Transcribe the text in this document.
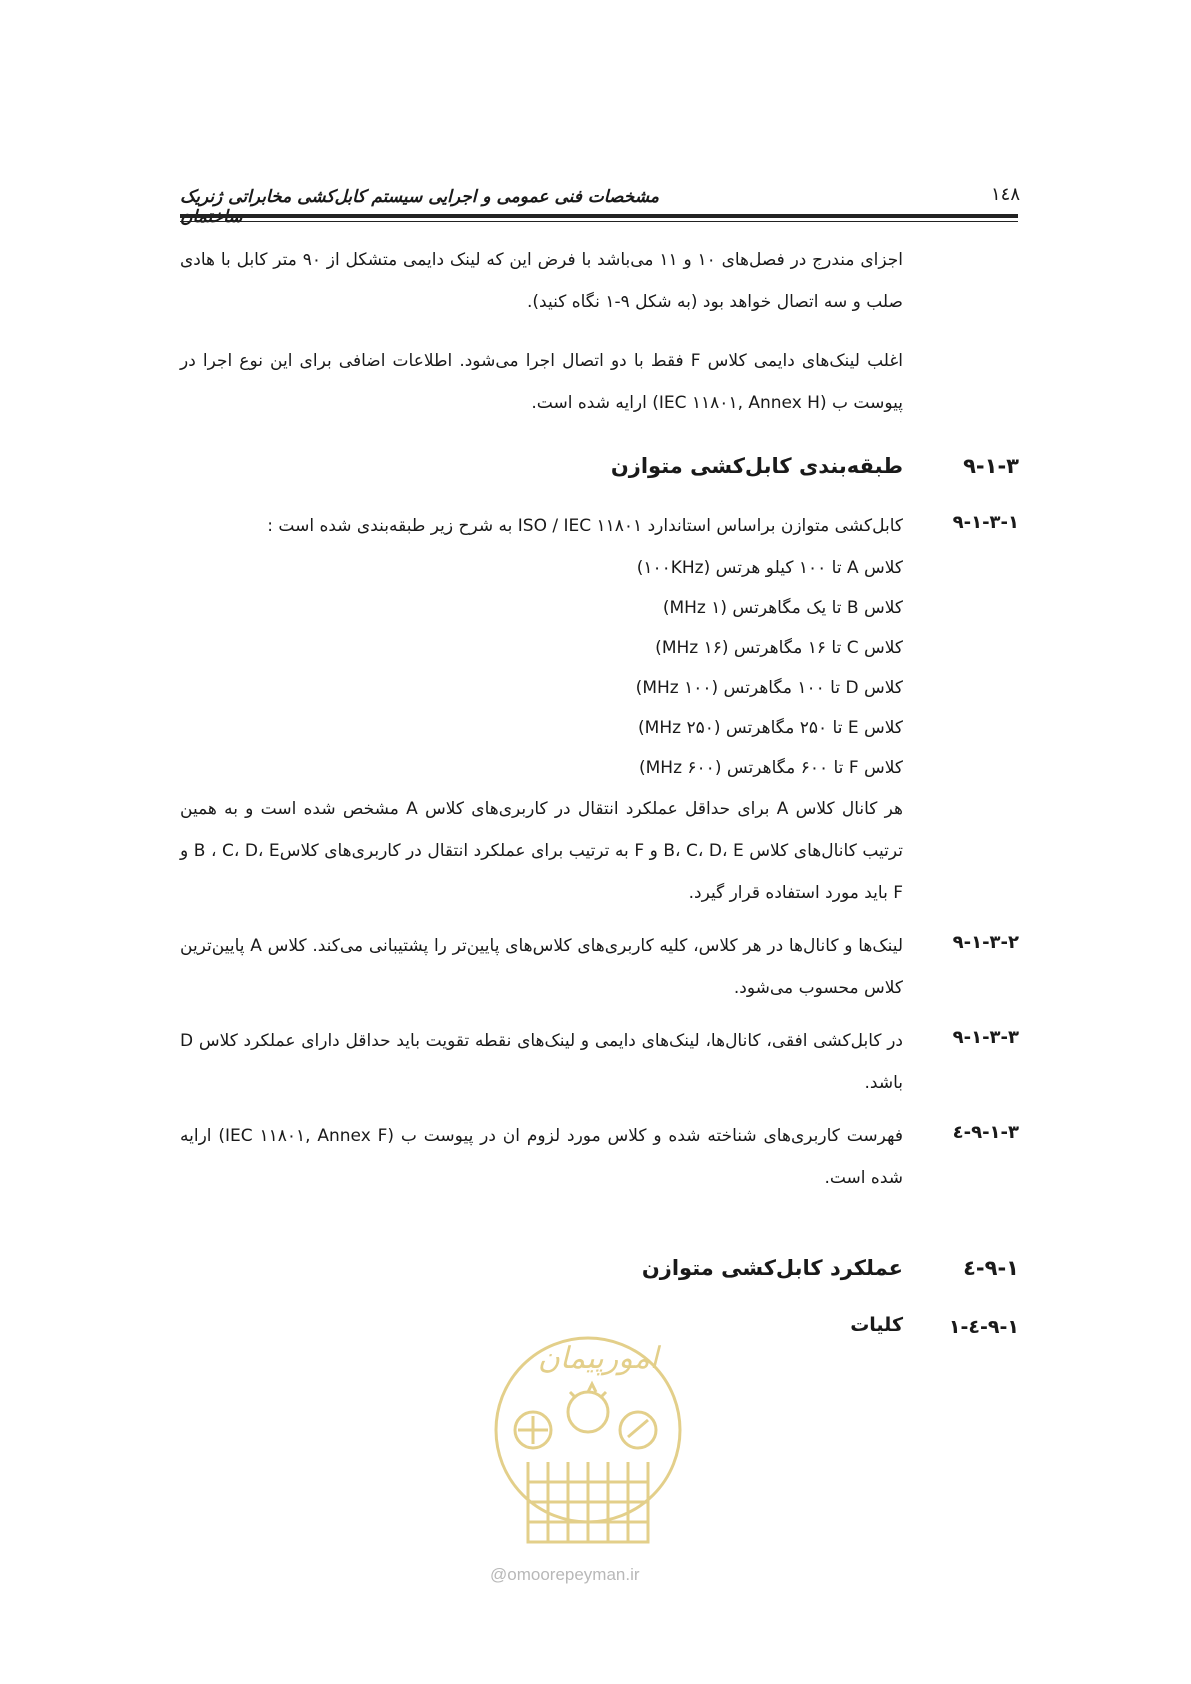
مشخصات فنی عمومی و اجرایی سیستم کابل‌کشی مخابراتی ژنریک	۱٤۸
اجزای مندرج در فصل‌های ۱۰ و ۱۱ می‌باشد با فرض این که لینک دایمی متشکل از ۹۰ متر کابل با هادی صلب و سه اتصال خواهد بود (به شکل ۹-۱ نگاه کنید).
اغلب لینک‌های دایمی کلاس F فقط با دو اتصال اجرا می‌شود. اطلاعات اضافی برای این نوع اجرا در پیوست ب (IEC ۱۱۸۰۱, Annex H) ارایه شده است.
۹-۱-۳
طبقه‌بندی کابل‌کشی متوازن
۹-۱-۳-۱
کابل‌کشی متوازن براساس استاندارد ISO / IEC ۱۱۸۰۱ به شرح زیر طبقه‌بندی شده است :
کلاس A تا ۱۰۰ کیلو هرتس (۱۰۰KHz)
کلاس B تا یک مگاهرتس (۱ MHz)
کلاس C تا ۱۶ مگاهرتس (۱۶ MHz)
کلاس D تا ۱۰۰ مگاهرتس (۱۰۰ MHz)
کلاس E تا ۲۵۰ مگاهرتس (۲۵۰ MHz)
کلاس F تا ۶۰۰ مگاهرتس (۶۰۰ MHz)
هر کانال کلاس A برای حداقل عملکرد انتقال در کاربری‌های کلاس A مشخص شده است و به همین ترتیب کانال‌های کلاس B، C، D، E و F به ترتیب برای عملکرد انتقال در کاربری‌های کلاسB ، C، D، E و F باید مورد استفاده قرار گیرد.
۹-۱-۳-۲
لینک‌ها و کانال‌ها در هر کلاس، کلیه کاربری‌های کلاس‌های پایین‌تر را پشتیبانی می‌کند. کلاس A پایین‌ترین کلاس محسوب می‌شود.
۹-۱-۳-۳
در کابل‌کشی افقی، کانال‌ها، لینک‌های دایمی و لینک‌های نقطه تقویت باید حداقل دارای عملکرد کلاس D باشد.
۹-۱-۳-٤
فهرست کاربری‌های شناخته شده و کلاس مورد لزوم ان در پیوست ب (IEC ۱۱۸۰۱, Annex F) ارایه شده است.
۹-۱-٤
عملکرد کابل‌کشی متوازن
۹-۱-٤-۱
کلیات
امورپیمان
@omoorepeyman.ir
